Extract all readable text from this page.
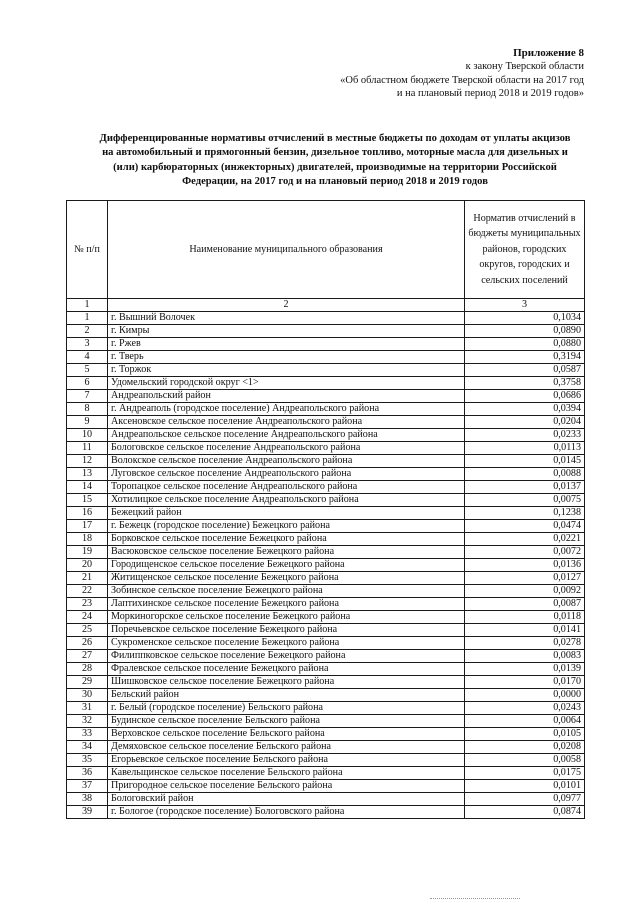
Приложение 8
к закону Тверской области
«Об областном бюджете Тверской области на 2017 год
и на плановый период 2018 и 2019 годов»
Дифференцированные нормативы отчислений в местные бюджеты по доходам от уплаты акцизов
на автомобильный и прямогонный бензин, дизельное топливо, моторные масла для дизельных и
(или) карбюраторных (инжекторных) двигателей, производимые на территории Российской
Федерации, на 2017 год и на плановый период 2018 и 2019 годов
№ п/п	Наименование муниципального образования	Норматив отчислений в бюджеты муниципальных районов, городских округов, городских и сельских поселений
1	2	3
1	г. Вышний Волочек	0,1034
2	г. Кимры	0,0890
3	г. Ржев	0,0880
4	г. Тверь	0,3194
5	г. Торжок	0,0587
6	Удомельский городской округ <1>	0,3758
7	Андреапольский район	0,0686
8	г. Андреаполь (городское поселение) Андреапольского района	0,0394
9	Аксеновское сельское поселение Андреапольского района	0,0204
10	Андреапольское сельское поселение Андреапольского района	0,0233
11	Бологовское сельское поселение Андреапольского района	0,0113
12	Волокское сельское поселение Андреапольского района	0,0145
13	Луговское сельское поселение Андреапольского района	0,0088
14	Торопацкое сельское поселение Андреапольского района	0,0137
15	Хотилицкое сельское поселение Андреапольского района	0,0075
16	Бежецкий район	0,1238
17	г. Бежецк (городское поселение) Бежецкого района	0,0474
18	Борковское сельское поселение Бежецкого района	0,0221
19	Васюковское сельское поселение Бежецкого района	0,0072
20	Городищенское сельское поселение Бежецкого района	0,0136
21	Житищенское сельское поселение Бежецкого района	0,0127
22	Зобинское сельское поселение Бежецкого района	0,0092
23	Лаптихинское сельское поселение Бежецкого района	0,0087
24	Моркиногорское сельское поселение Бежецкого района	0,0118
25	Поречьевское сельское поселение Бежецкого района	0,0141
26	Сукроменское сельское поселение Бежецкого района	0,0278
27	Филиппковское сельское поселение Бежецкого района	0,0083
28	Фралевское сельское поселение Бежецкого района	0,0139
29	Шишковское сельское поселение Бежецкого района	0,0170
30	Бельский район	0,0000
31	г. Белый (городское поселение) Бельского района	0,0243
32	Будинское сельское поселение Бельского района	0,0064
33	Верховское сельское поселение Бельского района	0,0105
34	Демяховское сельское поселение Бельского района	0,0208
35	Егорьевское сельское поселение Бельского района	0,0058
36	Кавельщинское сельское поселение Бельского района	0,0175
37	Пригородное сельское поселение Бельского района	0,0101
38	Бологовский район	0,0977
39	г. Бологое (городское поселение) Бологовского района	0,0874
